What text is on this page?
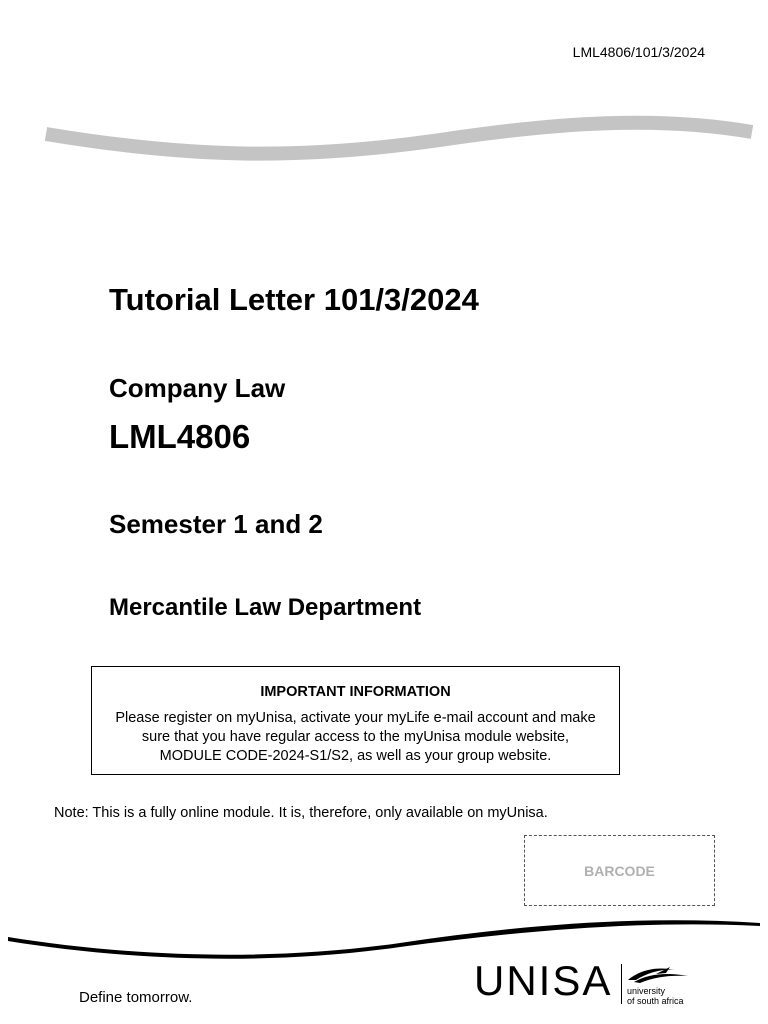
LML4806/101/3/2024
Tutorial Letter 101/3/2024
Company Law
LML4806
Semester 1 and 2
Mercantile Law Department
IMPORTANT INFORMATION
Please register on myUnisa, activate your myLife e-mail account and make sure that you have regular access to the myUnisa module website, MODULE CODE-2024-S1/S2, as well as your group website.
Note: This is a fully online module. It is, therefore, only available on myUnisa.
BARCODE
Define tomorrow.	UNISA university
of south africa
